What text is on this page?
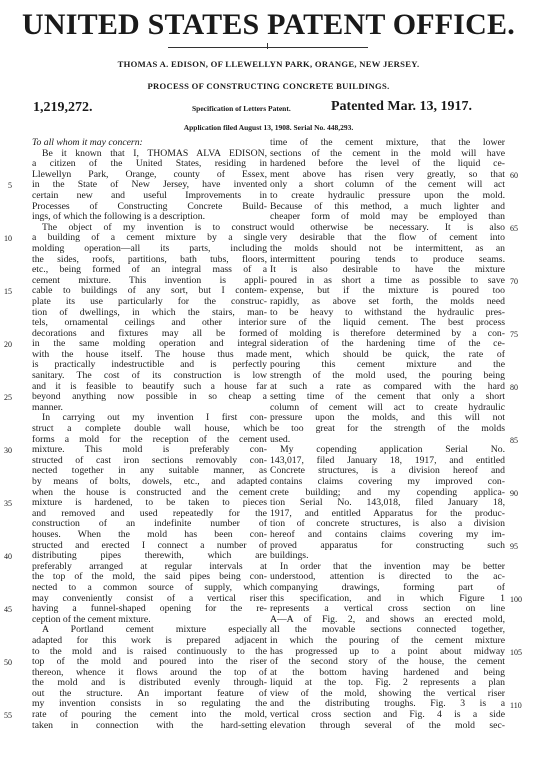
UNITED STATES PATENT OFFICE.
THOMAS A. EDISON, OF LLEWELLYN PARK, ORANGE, NEW JERSEY.
PROCESS OF CONSTRUCTING CONCRETE BUILDINGS.
1,219,272.	Specification of Letters Patent.	Patented Mar. 13, 1917.
Application filed August 13, 1908. Serial No. 448,293.
To all whom it may concern:
Be it known that I, THOMAS ALVA EDISON,
a citizen of the United States, residing in
Llewellyn Park, Orange, county of Essex,
in the State of New Jersey, have invented
certain new and useful Improvements in
Processes of Constructing Concrete Build-
ings, of which the following is a description.
The object of my invention is to construct
a building of a cement mixture by a single
molding operation—all its parts, including
the sides, roofs, partitions, bath tubs, floors,
etc., being formed of an integral mass of a
cement mixture. This invention is appli-
cable to buildings of any sort, but I contem-
plate its use particularly for the construc-
tion of dwellings, in which the stairs, man-
tels, ornamental ceilings and other interior
decorations and fixtures may all be formed
in the same molding operation and integral
with the house itself. The house thus made
is practically indestructible and is perfectly
sanitary. The cost of its construction is low
and it is feasible to beautify such a house far
beyond anything now possible in so cheap a
manner.
In carrying out my invention I first con-
struct a complete double wall house, which
forms a mold for the reception of the cement
mixture. This mold is preferably con-
structed of cast iron sections removably con-
nected together in any suitable manner, as
by means of bolts, dowels, etc., and adapted
when the house is constructed and the cement
mixture is hardened, to be taken to pieces
and removed and used repeatedly for the
construction of an indefinite number of
houses. When the mold has been con-
structed and erected I connect a number of
distributing pipes therewith, which are
preferably arranged at regular intervals at
the top of the mold, the said pipes being con-
nected to a common source of supply, which
may conveniently consist of a vertical riser
having a funnel-shaped opening for the re-
ception of the cement mixture.
A Portland cement mixture especially
adapted for this work is prepared adjacent
to the mold and is raised continuously to the
top of the mold and poured into the riser
thereon, whence it flows around the top of
the mold and is distributed evenly through-
out the structure. An important feature of
my invention consists in so regulating the
rate of pouring the cement into the mold,
taken in connection with the hard-setting
time of the cement mixture, that the lower
sections of the cement in the mold will have
hardened before the level of the liquid ce-
ment above has risen very greatly, so that
only a short column of the cement will act
to create hydraulic pressure upon the mold.
Because of this method, a much lighter and
cheaper form of mold may be employed than
would otherwise be necessary. It is also
very desirable that the flow of cement into
the molds should not be intermittent, as an
intermittent pouring tends to produce seams.
It is also desirable to have the mixture
poured in as short a time as possible to save
expense, but if the mixture is poured too
rapidly, as above set forth, the molds need
to be heavy to withstand the hydraulic pres-
sure of the liquid cement. The best process
of molding is therefore determined by a con-
sideration of the hardening time of the ce-
ment, which should be quick, the rate of
pouring this cement mixture and the
strength of the mold used, the pouring being
at such a rate as compared with the hard
setting time of the cement that only a short
column of cement will act to create hydraulic
pressure upon the molds, and this will not
be too great for the strength of the molds
used.
My copending application Serial No.
143,017, filed January 18, 1917, and entitled
Concrete structures, is a division hereof and
contains claims covering my improved con-
crete building; and my copending applica-
tion Serial No. 143,018, filed January 18,
1917, and entitled Apparatus for the produc-
tion of concrete structures, is also a division
hereof and contains claims covering my im-
proved apparatus for constructing such
buildings.
In order that the invention may be better
understood, attention is directed to the ac-
companying drawings, forming part of
this specification, and in which Figure 1
represents a vertical cross section on line
A—A of Fig. 2, and shows an erected mold,
all the movable sections connected together,
in which the pouring of the cement mixture
has progressed up to a point about midway
of the second story of the house, the cement
at the bottom having hardened and being
liquid at the top. Fig. 2 represents a plan
view of the mold, showing the vertical riser
and the distributing troughs. Fig. 3 is a
vertical cross section and Fig. 4 is a side
elevation through several of the mold sec-
5
10
15
20
25
30
35
40
45
50
55
60
65
70
75
80
85
90
95
100
105
110
